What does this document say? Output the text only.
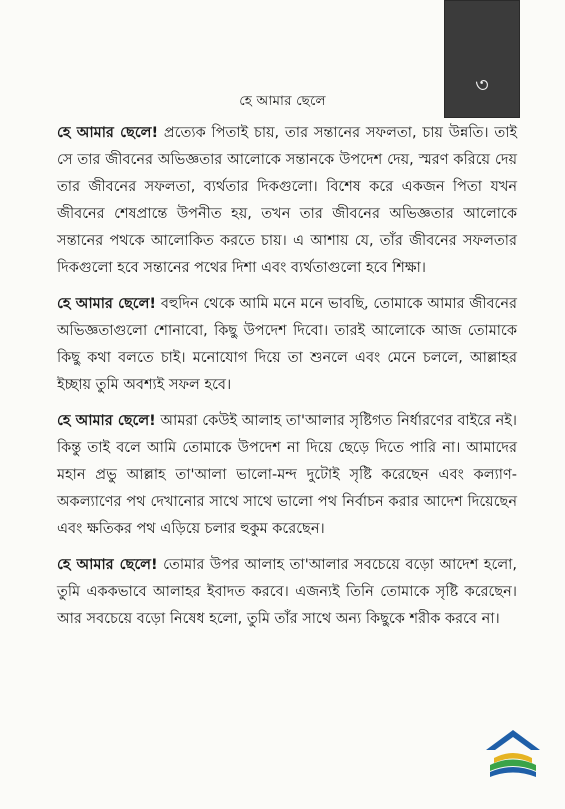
৩
হে আমার ছেলে

হে আমার ছেলে! প্রত্যেক পিতাই চায়, তার সন্তানের সফলতা, চায় উন্নতি। তাই সে তার জীবনের অভিজ্ঞতার আলোকে সন্তানকে উপদেশ দেয়, স্মরণ করিয়ে দেয় তার জীবনের সফলতা, ব্যর্থতার দিকগুলো। বিশেষ করে একজন পিতা যখন জীবনের শেষপ্রান্তে উপনীত হয়, তখন তার জীবনের অভিজ্ঞতার আলোকে সন্তানের পথকে আলোকিত করতে চায়। এ আশায় যে, তাঁর জীবনের সফলতার দিকগুলো হবে সন্তানের পথের দিশা এবং ব্যর্থতাগুলো হবে শিক্ষা।

হে আমার ছেলে! বহুদিন থেকে আমি মনে মনে ভাবছি, তোমাকে আমার জীবনের অভিজ্ঞতাগুলো শোনাবো, কিছু উপদেশ দিবো। তারই আলোকে আজ তোমাকে কিছু কথা বলতে চাই। মনোযোগ দিয়ে তা শুনলে এবং মেনে চললে, আল্লাহর ইচ্ছায় তুমি অবশ্যই সফল হবে।

হে আমার ছেলে! আমরা কেউই আলাহ তা'আলার সৃষ্টিগত নির্ধারণের বাইরে নই। কিন্তু তাই বলে আমি তোমাকে উপদেশ না দিয়ে ছেড়ে দিতে পারি না। আমাদের মহান প্রভু আল্লাহ তা'আলা ভালো-মন্দ দুটোই সৃষ্টি করেছেন এবং কল্যাণ-অকল্যাণের পথ দেখানোর সাথে সাথে ভালো পথ নির্বাচন করার আদেশ দিয়েছেন এবং ক্ষতিকর পথ এড়িয়ে চলার হুকুম করেছেন।

হে আমার ছেলে! তোমার উপর আলাহ তা'আলার সবচেয়ে বড়ো আদেশ হলো, তুমি এককভাবে আলাহর ইবাদত করবে। এজন্যই তিনি তোমাকে সৃষ্টি করেছেন। আর সবচেয়ে বড়ো নিষেধ হলো, তুমি তাঁর সাথে অন্য কিছুকে শরীক করবে না।
